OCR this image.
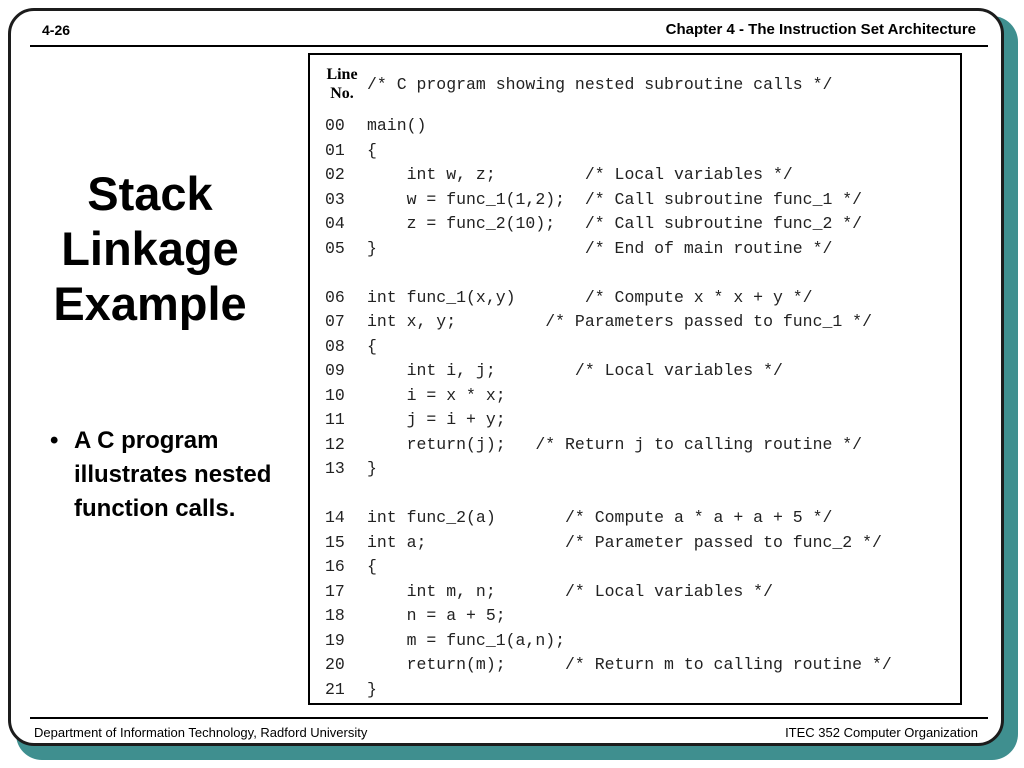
4-26	Chapter 4 - The Instruction Set Architecture
Stack
Linkage
Example
• A C program illustrates nested function calls.
Line
No. /* C program showing nested subroutine calls */
00	main()
01	{
02	int w, z;         /* Local variables */
03	w = func_1(1,2);  /* Call subroutine func_1 */
04	z = func_2(10);   /* Call subroutine func_2 */
05	}                     /* End of main routine */
06	int func_1(x,y)       /* Compute x * x + y */
07	int x, y;         /* Parameters passed to func_1 */
08	{
09	int i, j;        /* Local variables */
10	i = x * x;
11	j = i + y;
12	return(j);   /* Return j to calling routine */
13	}
14	int func_2(a)       /* Compute a * a + a + 5 */
15	int a;              /* Parameter passed to func_2 */
16	{
17	int m, n;       /* Local variables */
18	n = a + 5;
19	m = func_1(a,n);
20	return(m);      /* Return m to calling routine */
21	}
Department of Information Technology, Radford University	ITEC 352 Computer Organization
